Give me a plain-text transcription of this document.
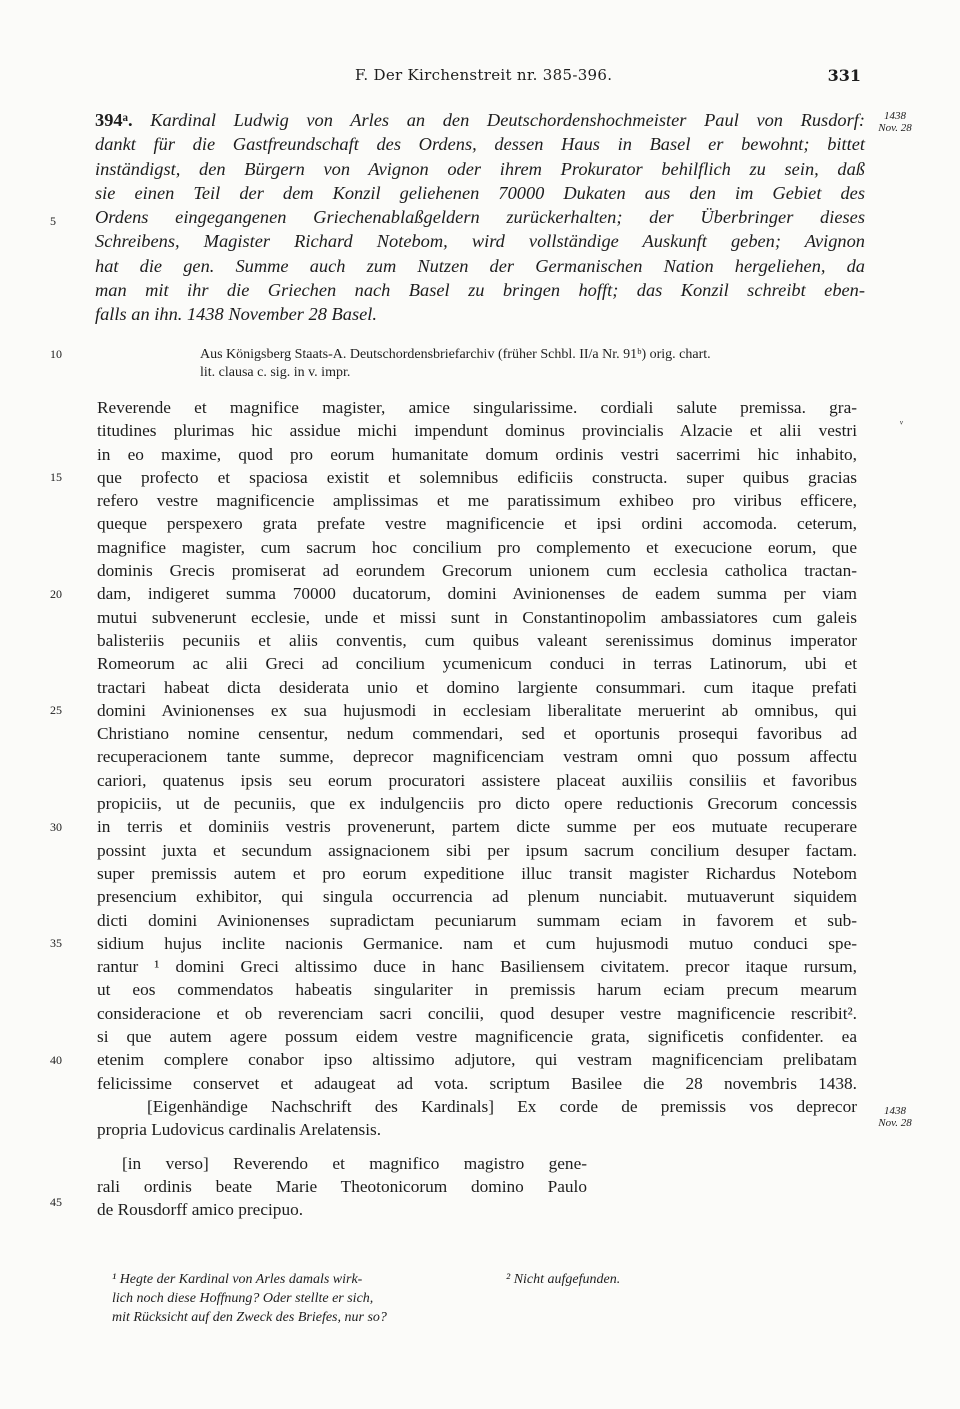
F. Der Kirchenstreit nr. 385-396.	331
1438
Nov. 28
394ᵃ. Kardinal Ludwig von Arles an den Deutschordenshochmeister Paul von Rusdorf:
dankt für die Gastfreundschaft des Ordens, dessen Haus in Basel er bewohnt; bittet
inständigst, den Bürgern von Avignon oder ihrem Prokurator behilflich zu sein, daß
sie einen Teil der dem Konzil geliehenen 70000 Dukaten aus den im Gebiet des
Ordens eingegangenen Griechenablaßgeldern zurückerhalten; der Überbringer dieses
Schreibens, Magister Richard Notebom, wird vollständige Auskunft geben; Avignon
hat die gen. Summe auch zum Nutzen der Germanischen Nation hergeliehen, da
man mit ihr die Griechen nach Basel zu bringen hofft; das Konzil schreibt eben-
falls an ihn. 1438 November 28 Basel.
Aus Königsberg Staats-A. Deutschordensbriefarchiv (früher Schbl. II/a Nr. 91ᵇ) orig. chart.
lit. clausa c. sig. in v. impr.
5
10
15
20
25
30
35
40
45
ᵛ
Reverende et magnifice magister, amice singularissime. cordiali salute premissa. gra-
titudines plurimas hic assidue michi impendunt dominus provincialis Alzacie et alii vestri
in eo maxime, quod pro eorum humanitate domum ordinis vestri sacerrimi hic inhabito,
que profecto et spaciosa existit et solemnibus edificiis constructa. super quibus gracias
refero vestre magnificencie amplissimas et me paratissimum exhibeo pro viribus efficere,
queque perspexero grata prefate vestre magnificencie et ipsi ordini accomoda. ceterum,
magnifice magister, cum sacrum hoc concilium pro complemento et execucione eorum, que
dominis Grecis promiserat ad eorundem Grecorum unionem cum ecclesia catholica tractan-
dam, indigeret summa 70000 ducatorum, domini Avinionenses de eadem summa per viam
mutui subvenerunt ecclesie, unde et missi sunt in Constantinopolim ambassiatores cum galeis
balisteriis pecuniis et aliis conventis, cum quibus valeant serenissimus dominus imperator
Romeorum ac alii Greci ad concilium ycumenicum conduci in terras Latinorum, ubi et
tractari habeat dicta desiderata unio et domino largiente consummari. cum itaque prefati
domini Avinionenses ex sua hujusmodi in ecclesiam liberalitate meruerint ab omnibus, qui
Christiano nomine censentur, nedum commendari, sed et oportunis prosequi favoribus ad
recuperacionem tante summe, deprecor magnificenciam vestram omni quo possum affectu
cariori, quatenus ipsis seu eorum procuratori assistere placeat auxiliis consiliis et favoribus
propiciis, ut de pecuniis, que ex indulgenciis pro dicto opere reductionis Grecorum concessis
in terris et dominiis vestris provenerunt, partem dicte summe per eos mutuate recuperare
possint juxta et secundum assignacionem sibi per ipsum sacrum concilium desuper factam.
super premissis autem et pro eorum expeditione illuc transit magister Richardus Notebom
presencium exhibitor, qui singula occurrencia ad plenum nunciabit. mutuaverunt siquidem
dicti domini Avinionenses supradictam pecuniarum summam eciam in favorem et sub-
sidium hujus inclite nacionis Germanice. nam et cum hujusmodi mutuo conduci spe-
rantur ¹ domini Greci altissimo duce in hanc Basiliensem civitatem. precor itaque rursum,
ut eos commendatos habeatis singulariter in premissis harum eciam precum mearum
consideracione et ob reverenciam sacri concilii, quod desuper vestre magnificencie rescribit².
si que autem agere possum eidem vestre magnificencie grata, significetis confidenter. ea
etenim complere conabor ipso altissimo adjutore, qui vestram magnificenciam prelibatam
felicissime conservet et adaugeat ad vota. scriptum Basilee die 28 novembris 1438.
[Eigenhändige Nachschrift des Kardinals] Ex corde de premissis vos deprecor
propria Ludovicus cardinalis Arelatensis.
[in verso] Reverendo et magnifico magistro gene-
rali ordinis beate Marie Theotonicorum domino Paulo
de Rousdorff amico precipuo.
1438
Nov. 28
¹ Hegte der Kardinal von Arles damals wirk-
lich noch diese Hoffnung? Oder stellte er sich,
mit Rücksicht auf den Zweck des Briefes, nur so?
² Nicht aufgefunden.
